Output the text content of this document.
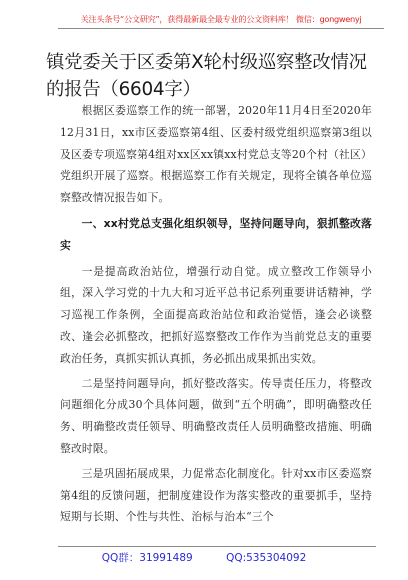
关注头条号“公文研究”，获得最新最全最专业的公文资料库！ 微信：gongwenyj
镇党委关于区委第X轮村级巡察整改情况
的报告（6604字）

根据区委巡察工作的统一部署，2020年11月4日至2020年12月31日，xx市区委巡察第4组、区委村级党组织巡察第3组以及区委专项巡察第4组对xx区xx镇xx村党总支等20个村（社区）党组织开展了巡察。根据巡察工作有关规定，现将全镇各单位巡察整改情况报告如下。

一、xx村党总支强化组织领导，坚持问题导向，狠抓整改落实

一是提高政治站位，增强行动自觉。成立整改工作领导小组，深入学习党的十九大和习近平总书记系列重要讲话精神，学习巡视工作条例，全面提高政治站位和政治觉悟，逢会必谈整改、逢会必抓整改，把抓好巡察整改工作作为当前党总支的重要政治任务，真抓实抓认真抓，务必抓出成果抓出实效。

二是坚持问题导向，抓好整改落实。传导责任压力，将整改问题细化分成30个具体问题，做到“五个明确”，即明确整改任务、明确整改责任领导、明确整改责任人员明确整改措施、明确整改时限。

三是巩固拓展成果，力促常态化制度化。针对xx市区委巡察第4组的反馈问题，把制度建设作为落实整改的重要抓手，坚持短期与长期、个性与共性、治标与治本“三个

QQ群：31991489	QQ:535304092
